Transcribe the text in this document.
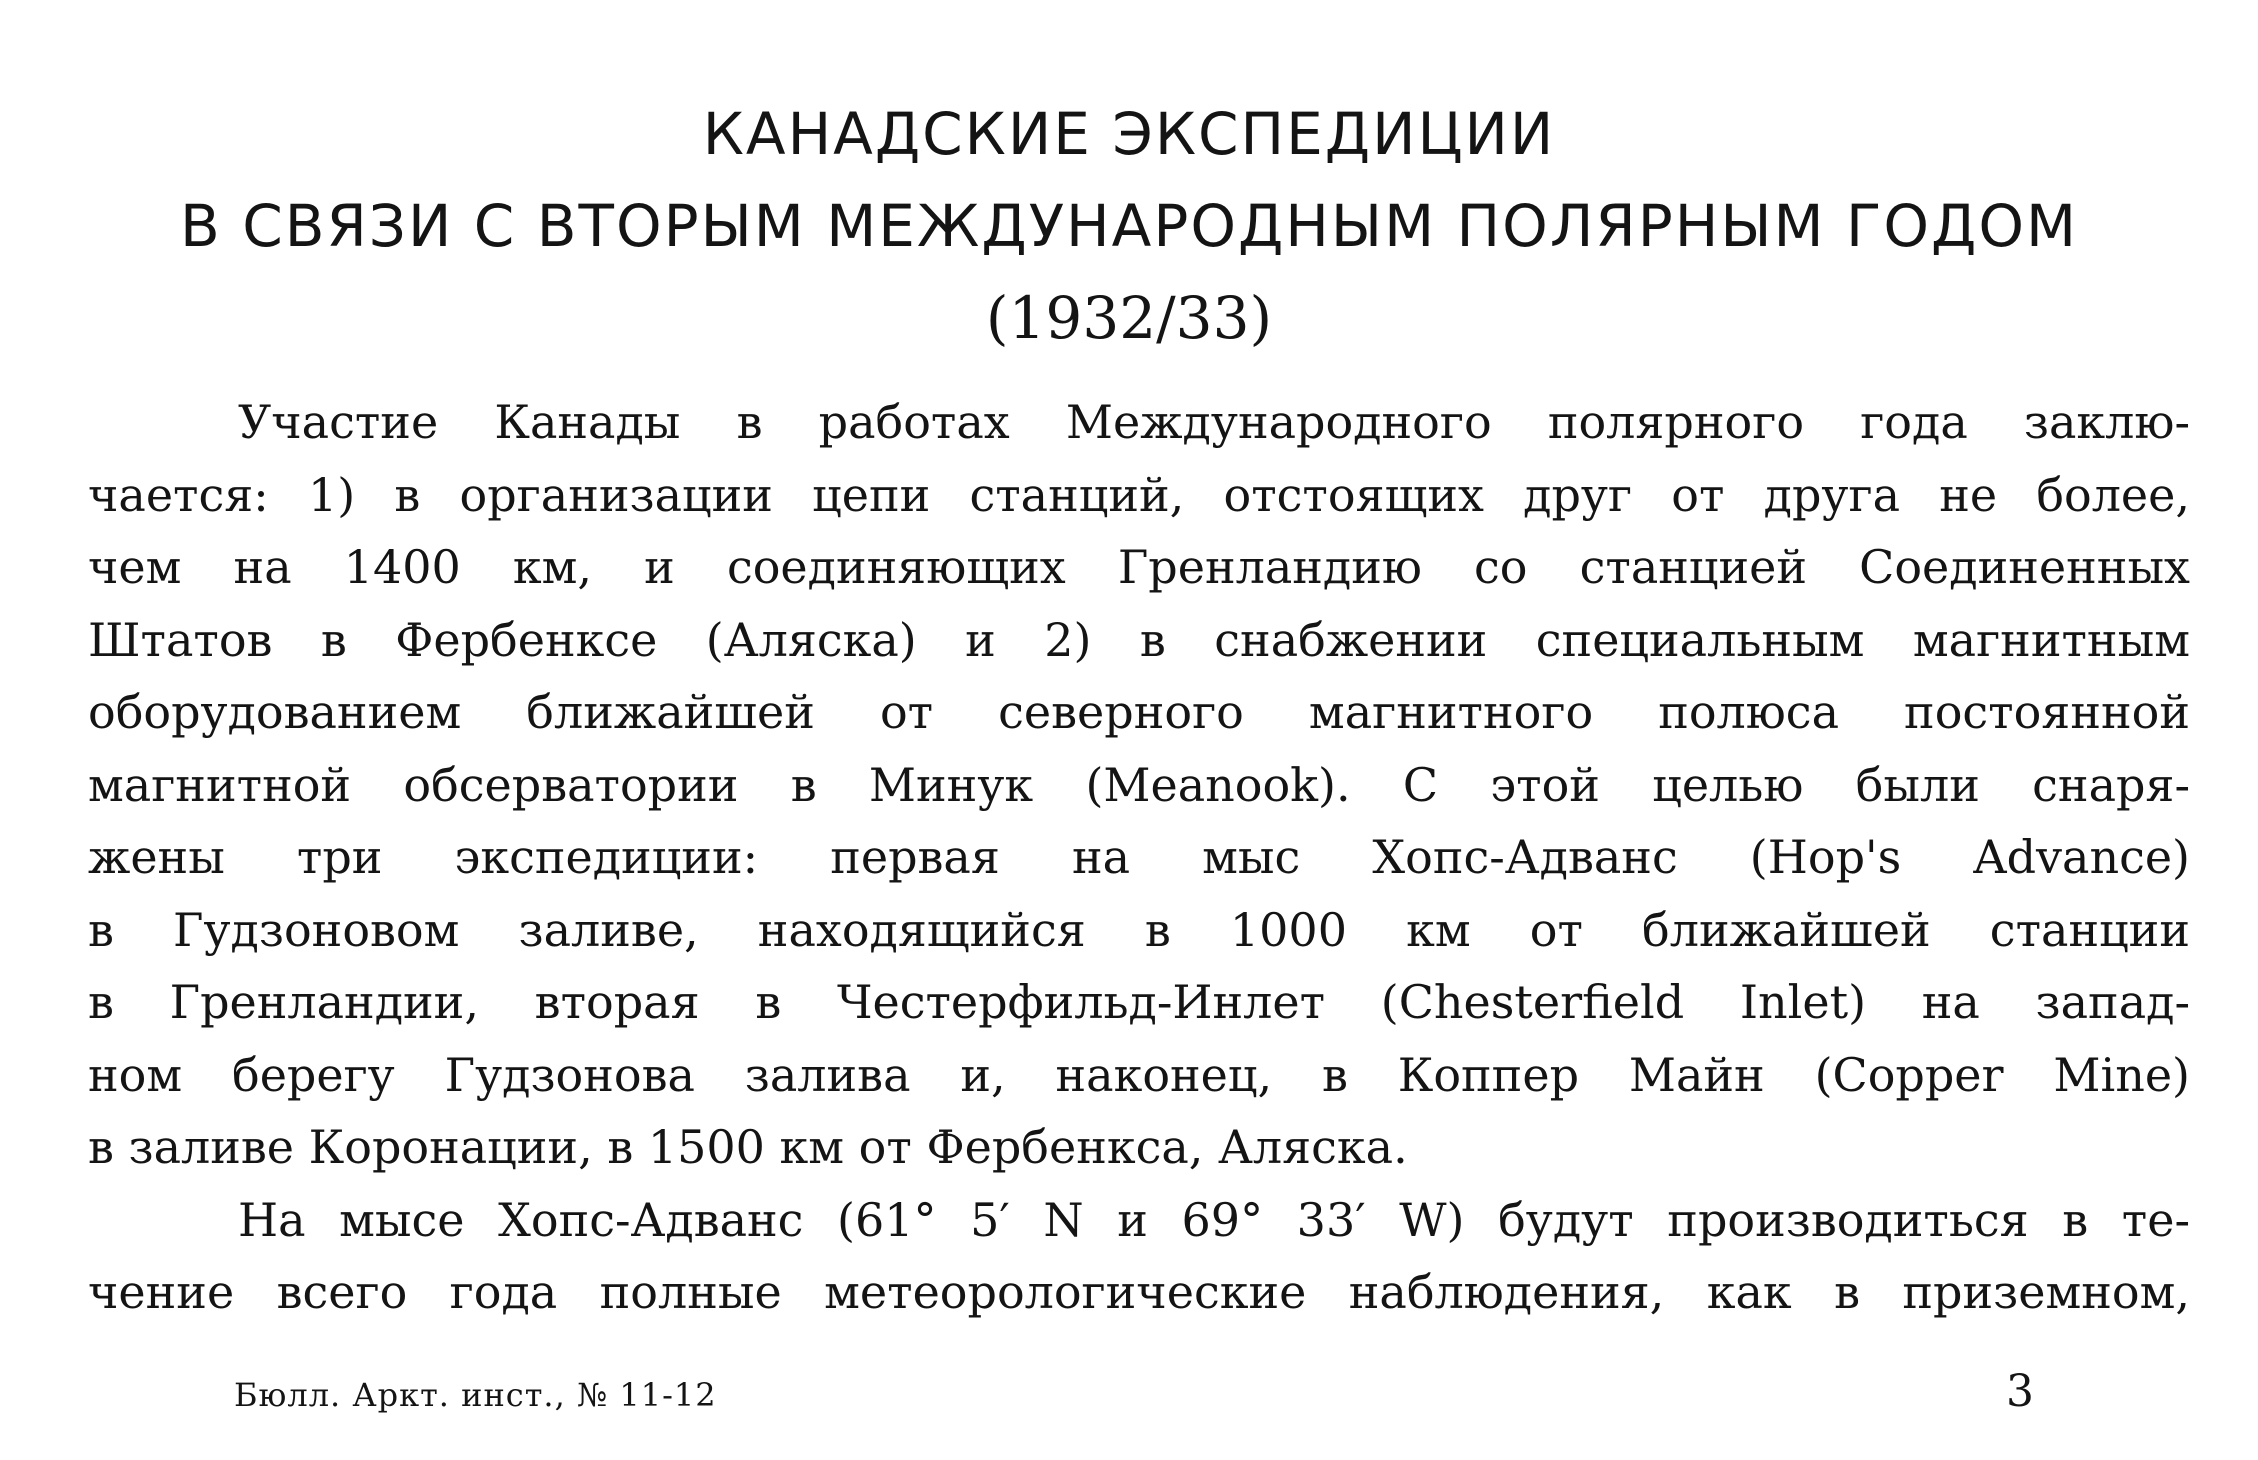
КАНАДСКИЕ ЭКСПЕДИЦИИ
В СВЯЗИ С ВТОРЫМ МЕЖДУНАРОДНЫМ ПОЛЯРНЫМ ГОДОМ
(1932/33)
Участие Канады в работах Международного полярного года заклю-
чается: 1) в организации цепи станций, отстоящих друг от друга не более,
чем на 1400 км, и соединяющих Гренландию со станцией Соединенных
Штатов в Фербенксе (Аляска) и 2) в снабжении специальным магнитным
оборудованием ближайшей от северного магнитного полюса постоянной
магнитной обсерватории в Минук (Meanook). С этой целью были снаря-
жены три экспедиции: первая на мыс Хопс-Адванс (Hop's Advance)
в Гудзоновом заливе, находящийся в 1000 км от ближайшей станции
в Гренландии, вторая в Честерфильд-Инлет (Chesterfield Inlet) на запад-
ном берегу Гудзонова залива и, наконец, в Коппер Майн (Copper Mine)
в заливе Коронации, в 1500 км от Фербенкса, Аляска.
На мысе Хопс-Адванс (61° 5′ N и 69° 33′ W) будут производиться в те-
чение всего года полные метеорологические наблюдения, как в приземном,
Бюлл. Аркт. инст., № 11-12	3
